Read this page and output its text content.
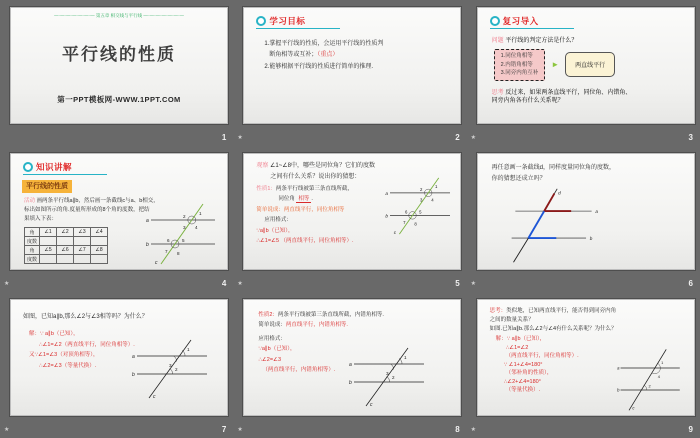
—·—·—·—·—·—·— 第五章 相交线与平行线 —·—·—·—·—·—·—
平行线的性质
第一PPT模板网-WWW.1PPT.COM
1
学习目标
1.掌握平行线的性质，会运用平行线的性质判
断角相等或互补；（重点）
2.能够根据平行线的性质进行简单的推理.
★	2
复习导入
问题 平行线的判定方法是什么？
1.同位角相等
2.内错角相等
3.同旁内角互补
►	两直线平行
思考 反过来，如果两条直线平行，同位角、内错角、
同旁内角各有什么关系呢？
★	3
知识讲解
平行线的性质
活动 画两条平行线a∥b，然后画一条截线c与a、b相交，
标出如图所示的角.度量所形成的8个角的度数，把结
果填入下表：
角	∠1	∠2	∠3	∠4
度数				
角	∠5	∠6	∠7	∠8
度数				
a
b
c
1
2
3 4
5
6
7 8
★	4
观察 ∠1~∠8中，哪些是同位角？它们的度数
之间有什么关系？说出你的猜想：
性质1：两条平行线被第三条直线所截，
同位角 相等 .
简单说成：两直线平行，同位角相等
应用格式：
∵a∥b（已知），
∴∠1=∠5 （两直线平行，同位角相等）.
a
b
c
1
2
3 4
5
6
7 8
★	5
再任意画一条截线d，同样度量同位角的度数，
你的猜想还成立吗？
d
a
b
★	6
如图，已知a∥b,那么∠2与∠3相等吗？为什么？
解：∵ a∥b（已知），
∴∠1=∠2（两直线平行，同位角相等）.
又∵∠1=∠3（对顶角相等），
∴∠2=∠3（等量代换）.
a
b
c
1
3
2
★	7
性质2：两条平行线被第三条直线所截，内错角相等.
简单说成：两直线平行，内错角相等.
应用格式：
∵a∥b（已知），
∴∠2=∠3
（两直线平行，内错角相等）.
a
b
c
1
3
2
★	8
思考：类似地，已知两直线平行，能否得到同旁内角
之间的数量关系？
如图.已知a∥b.那么∠2与∠4有什么关系呢？为什么？
解：∵ a∥b（已知），
∴∠1=∠2
（两直线平行，同位角相等）.
∵ ∠1+∠4=180°
（邻补角的性质），
∴∠2+∠4=180°
（等量代换）.
a
b
c
1
4
2
★	9
